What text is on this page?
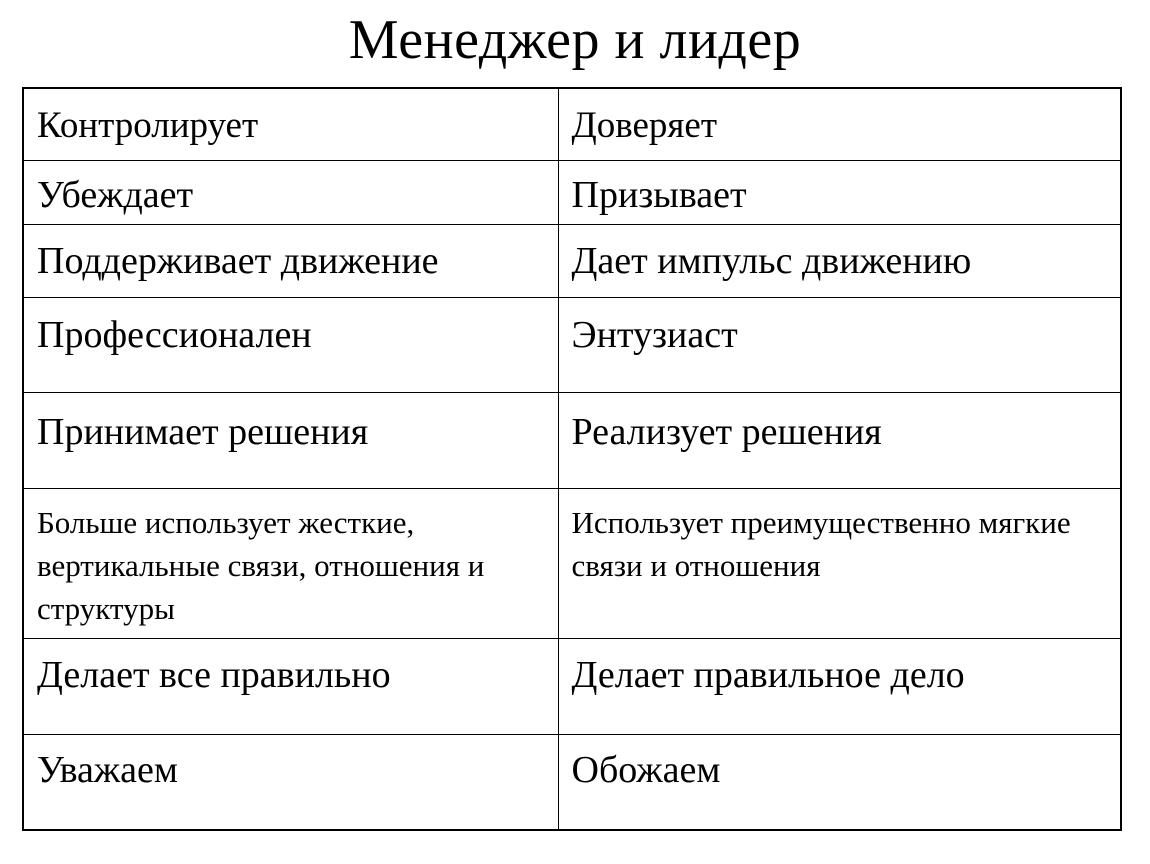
Менеджер и лидер
Контролирует	Доверяет
Убеждает	Призывает
Поддерживает движение	Дает импульс движению
Профессионален	Энтузиаст
Принимает решения	Реализует решения
Больше использует жесткие, вертикальные связи, отношения и структуры	Использует преимущественно мягкие связи и отношения
Делает все правильно	Делает правильное дело
Уважаем	Обожаем
